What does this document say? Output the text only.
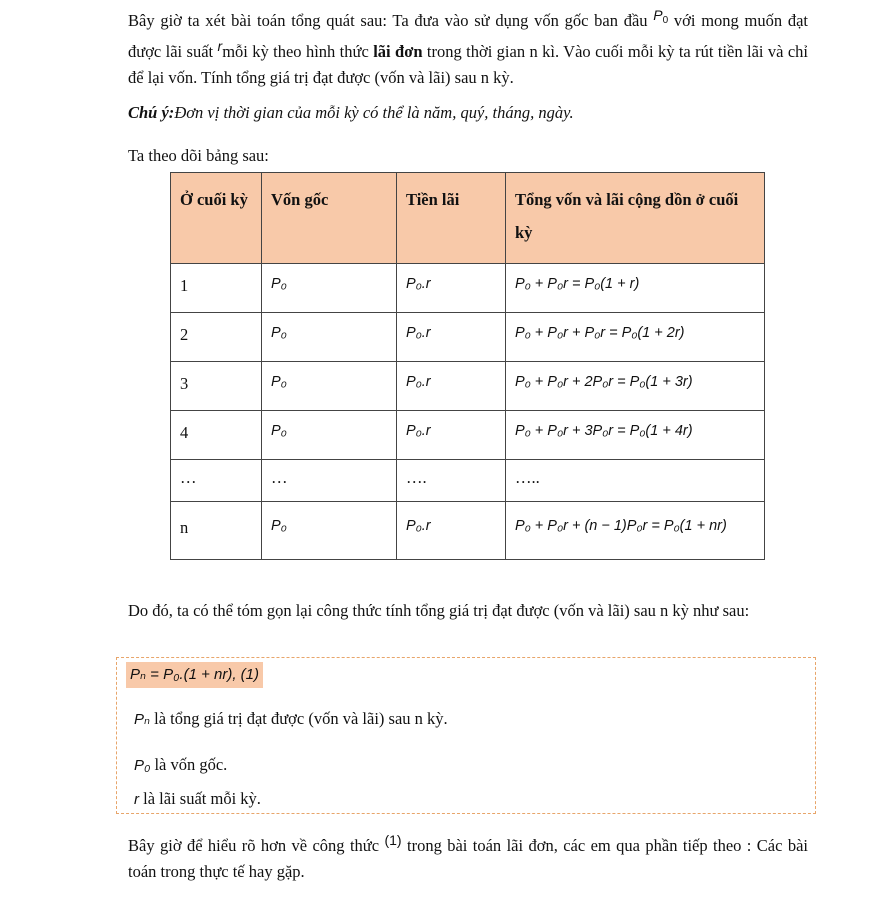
Bây giờ ta xét bài toán tổng quát sau: Ta đưa vào sử dụng vốn gốc ban đầu $^{P_0}$ với mong muốn đạt được lãi suất $^r$mỗi kỳ theo hình thức lãi đơn trong thời gian n kì. Vào cuối mỗi kỳ ta rút tiền lãi và chỉ để lại vốn. Tính tổng giá trị đạt được (vốn và lãi) sau n kỳ.
Chú ý:Đơn vị thời gian của mỗi kỳ có thể là năm, quý, tháng, ngày.
Ta theo dõi bảng sau:
Ở cuối kỳ	Vốn gốc	Tiền lãi	Tổng vốn và lãi cộng dồn ở cuối kỳ
1	P₀	P₀.r	P₀ + P₀r = P₀(1 + r)
2	P₀	P₀.r	P₀ + P₀r + P₀r = P₀(1 + 2r)
3	P₀	P₀.r	P₀ + P₀r + 2P₀r = P₀(1 + 3r)
4	P₀	P₀.r	P₀ + P₀r + 3P₀r = P₀(1 + 4r)
…	…	….	…..
n	P₀	P₀.r	P₀ + P₀r + (n − 1)P₀r = P₀(1 + nr)
Do đó, ta có thể tóm gọn lại công thức tính tổng giá trị đạt được (vốn và lãi) sau n kỳ như sau:
Pₙ = P₀.(1 + nr), (1)
Pₙ là tổng giá trị đạt được (vốn và lãi) sau n kỳ.
P₀ là vốn gốc.
r là lãi suất mỗi kỳ.
Bây giờ để hiểu rõ hơn về công thức $^{(1)}$ trong bài toán lãi đơn, các em qua phần tiếp theo : Các bài toán trong thực tế hay gặp.
